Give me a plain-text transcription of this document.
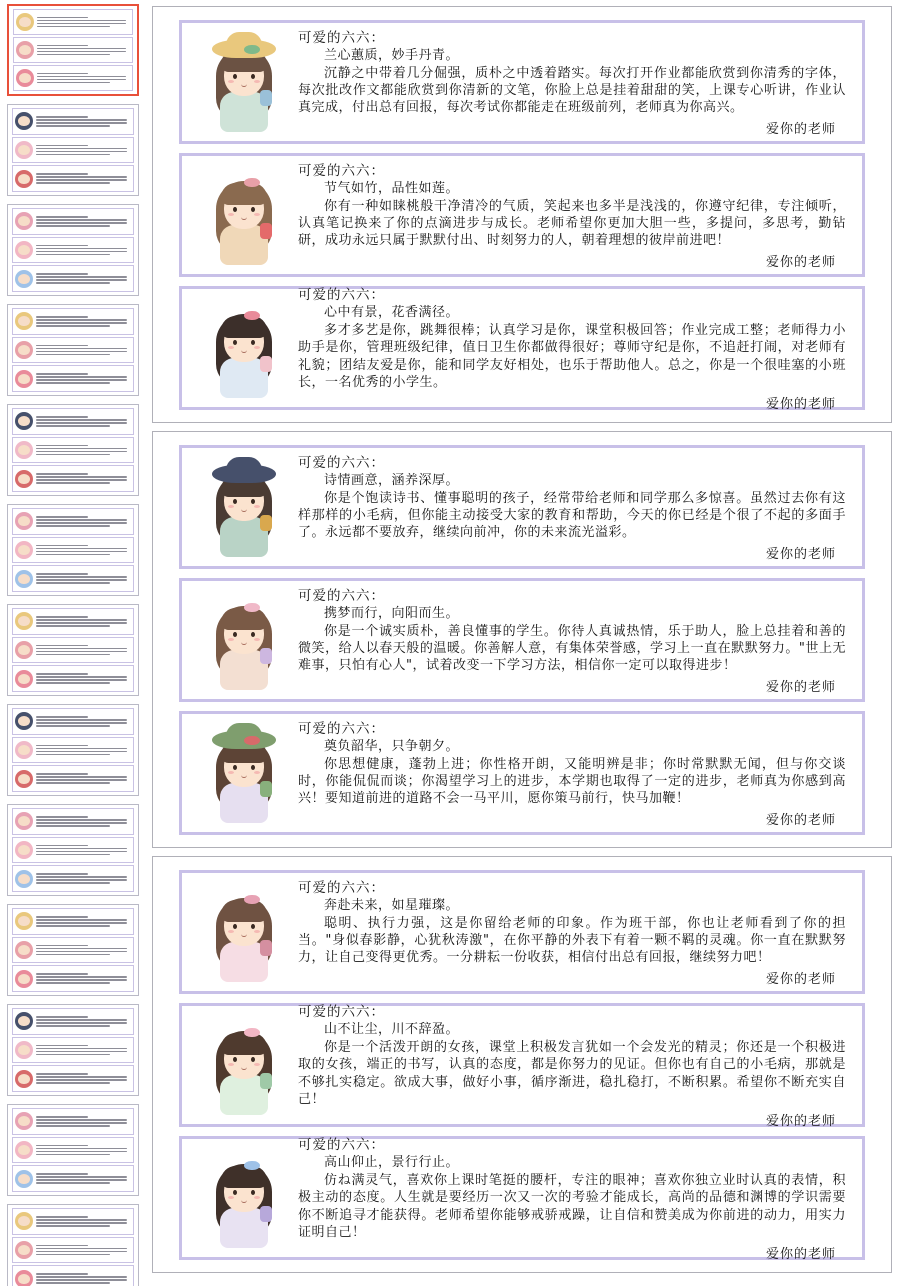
可爱的六六：
兰心蕙质，妙手丹青。
沉静之中带着几分倔强，质朴之中透着踏实。每次打开作业都能欣赏到你清秀的字体，每次批改作文都能欣赏到你清新的文笔，你脸上总是挂着甜甜的笑，上课专心听讲，作业认真完成，付出总有回报，每次考试你都能走在班级前列，老师真为你高兴。
爱你的老师
可爱的六六：
节气如竹，品性如莲。
你有一种如睐桃般干净清冷的气质，笑起来也多半是浅浅的，你遵守纪律，专注倾听，认真笔记换来了你的点滴进步与成长。老师希望你更加大胆一些，多提问，多思考，勤钻研，成功永远只属于默默付出、时刻努力的人，朝着理想的彼岸前进吧！
爱你的老师
可爱的六六：
心中有景，花香满径。
多才多艺是你，跳舞很棒；认真学习是你，课堂积极回答；作业完成工整；老师得力小助手是你，管理班级纪律，值日卫生你都做得很好；尊师守纪是你，不追赶打闹，对老师有礼貌；团结友爱是你，能和同学友好相处，也乐于帮助他人。总之，你是一个很哇塞的小班长，一名优秀的小学生。
爱你的老师
可爱的六六：
诗情画意，涵养深厚。
你是个饱读诗书、懂事聪明的孩子，经常带给老师和同学那么多惊喜。虽然过去你有这样那样的小毛病，但你能主动接受大家的教育和帮助，今天的你已经是个很了不起的多面手了。永远都不要放弃，继续向前冲，你的未来流光溢彩。
爱你的老师
可爱的六六：
携梦而行，向阳而生。
你是一个诚实质朴，善良懂事的学生。你待人真诚热情，乐于助人，脸上总挂着和善的微笑，给人以春天般的温暖。你善解人意，有集体荣誉感，学习上一直在默默努力。"世上无难事，只怕有心人"，试着改变一下学习方法，相信你一定可以取得进步！
爱你的老师
可爱的六六：
奠负韶华，只争朝夕。
你思想健康，蓬勃上进；你性格开朗，又能明辨是非；你时常默默无闻，但与你交谈时，你能侃侃而谈；你渴望学习上的进步，本学期也取得了一定的进步，老师真为你感到高兴！要知道前进的道路不会一马平川，愿你策马前行，快马加鞭！
爱你的老师
可爱的六六：
奔赴未来，如星璀璨。
聪明、执行力强，这是你留给老师的印象。作为班干部，你也让老师看到了你的担当。"身似春影静，心犹秋涛激"，在你平静的外表下有着一颗不羁的灵魂。你一直在默默努力，让自己变得更优秀。一分耕耘一份收获，相信付出总有回报，继续努力吧！
爱你的老师
可爱的六六：
山不让尘，川不辞盈。
你是一个活泼开朗的女孩，课堂上积极发言犹如一个会发光的精灵；你还是一个积极进取的女孩，端正的书写，认真的态度，都是你努力的见证。但你也有自己的小毛病，那就是不够扎实稳定。欲成大事，做好小事，循序渐进，稳扎稳打，不断积累。希望你不断充实自己！
爱你的老师
可爱的六六：
高山仰止，景行行止。
仿ね满灵气，喜欢你上课时笔挺的腰杆，专注的眼神；喜欢你独立业时认真的表情，积极主动的态度。人生就是要经历一次又一次的考验才能成长，高尚的品德和渊博的学识需要你不断追寻才能获得。老师希望你能够戒骄戒躁，让自信和赞美成为你前进的动力，用实力证明自己！
爱你的老师
